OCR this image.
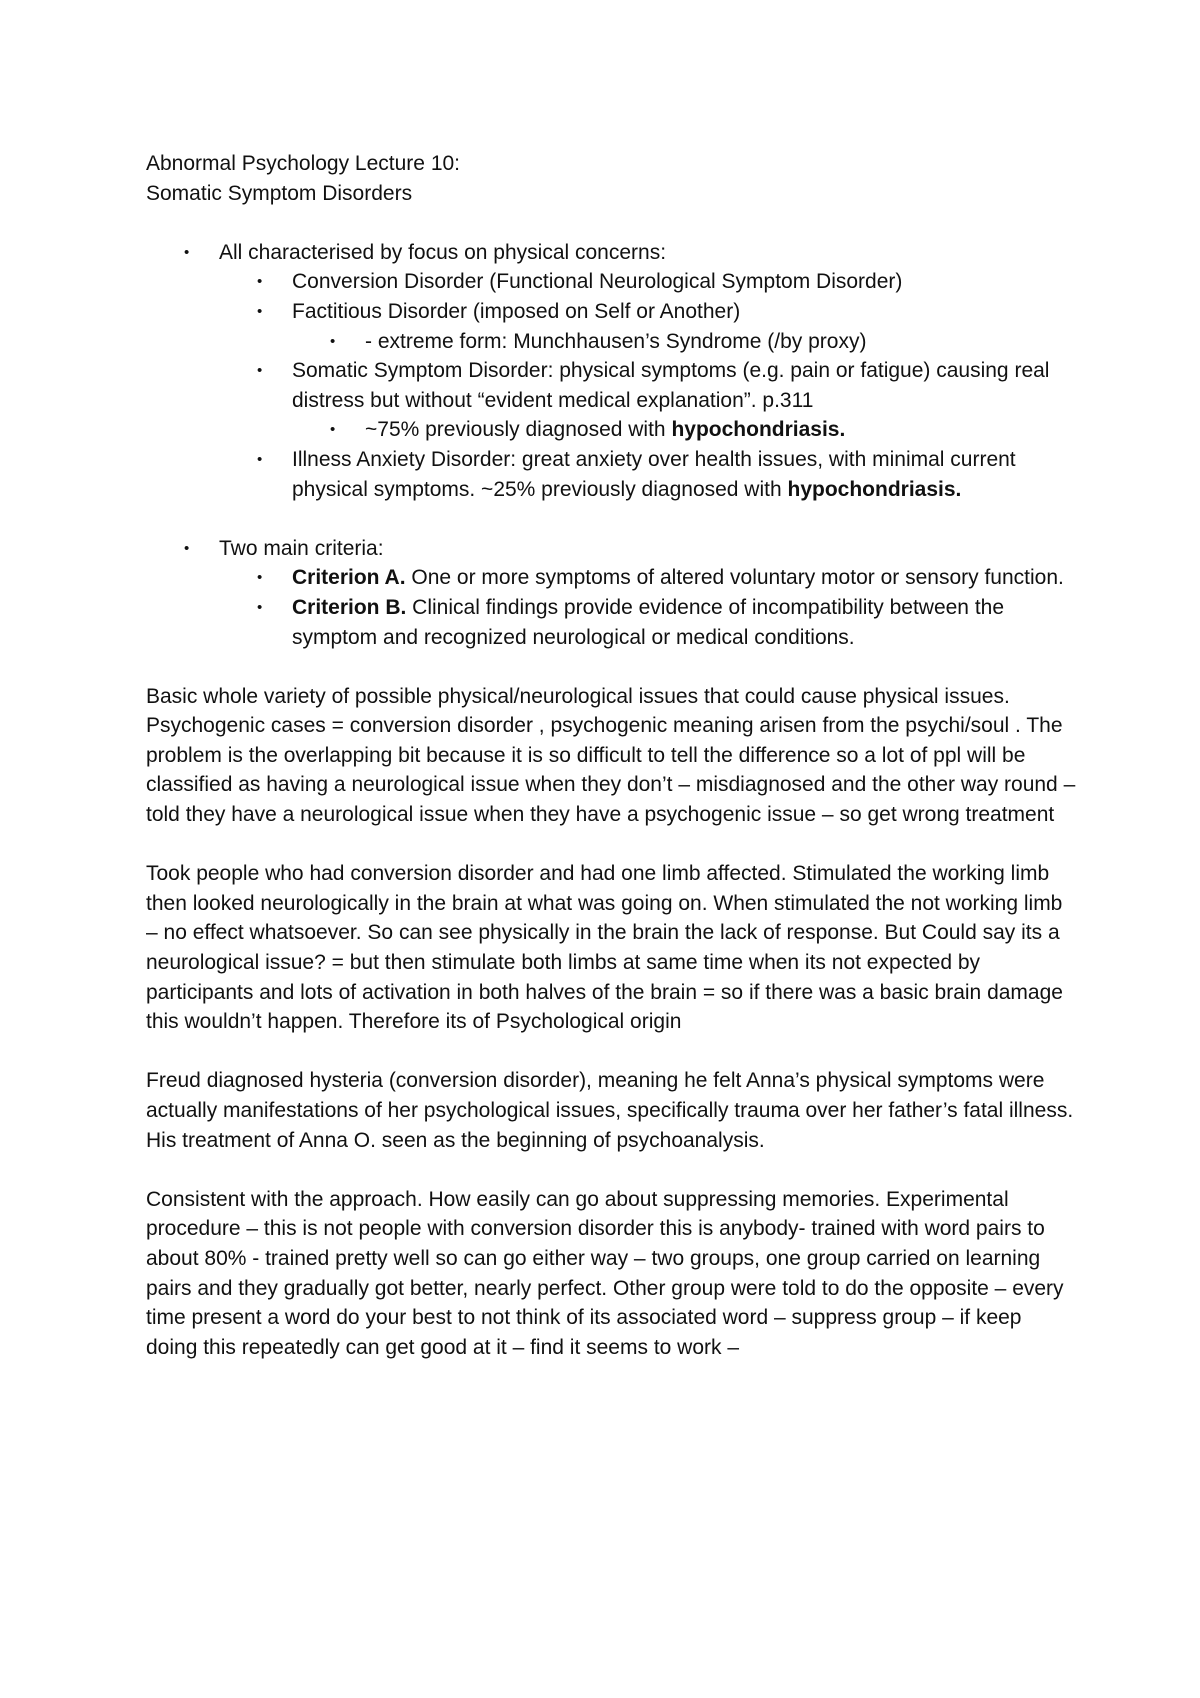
Abnormal Psychology Lecture 10:

Somatic Symptom Disorders

• All characterised by focus on physical concerns:
• Conversion Disorder (Functional Neurological Symptom Disorder)
• Factitious Disorder (imposed on Self or Another)
• - extreme form: Munchhausen’s Syndrome (/by proxy)
• Somatic Symptom Disorder: physical symptoms (e.g. pain or fatigue) causing real distress but without “evident medical explanation”. p.311
• ~75% previously diagnosed with hypochondriasis.
• Illness Anxiety Disorder: great anxiety over health issues, with minimal current physical symptoms. ~25% previously diagnosed with hypochondriasis.
• Two main criteria:
• Criterion A. One or more symptoms of altered voluntary motor or sensory function.
• Criterion B. Clinical findings provide evidence of incompatibility between the symptom and recognized neurological or medical conditions.

Basic whole variety of possible physical/neurological issues that could cause physical issues. Psychogenic cases = conversion disorder , psychogenic meaning arisen from the psychi/soul . The problem is the overlapping bit because it is so difficult to tell the difference so a lot of ppl will be classified as having a neurological issue when they don’t – misdiagnosed and the other way round – told they have a neurological issue when they have a psychogenic issue – so get wrong treatment

Took people who had conversion disorder and had one limb affected. Stimulated the working limb then looked neurologically in the brain at what was going on. When stimulated the not working limb – no effect whatsoever. So can see physically in the brain the lack of response. But Could say its a neurological issue? = but then stimulate both limbs at same time when its not expected by participants and lots of activation in both halves of the brain = so if there was a basic brain damage this wouldn’t happen. Therefore its of Psychological origin

Freud diagnosed hysteria (conversion disorder), meaning he felt Anna’s physical symptoms were actually manifestations of her psychological issues, specifically trauma over her father’s fatal illness.

His treatment of Anna O. seen as the beginning of psychoanalysis.

Consistent with the approach. How easily can go about suppressing memories. Experimental procedure – this is not people with conversion disorder this is anybody- trained with word pairs to about 80% - trained pretty well so can go either way – two groups, one group carried on learning pairs and they gradually got better, nearly perfect. Other group were told to do the opposite – every time present a word do your best to not think of its associated word – suppress group – if keep doing this repeatedly can get good at it – find it seems to work –
